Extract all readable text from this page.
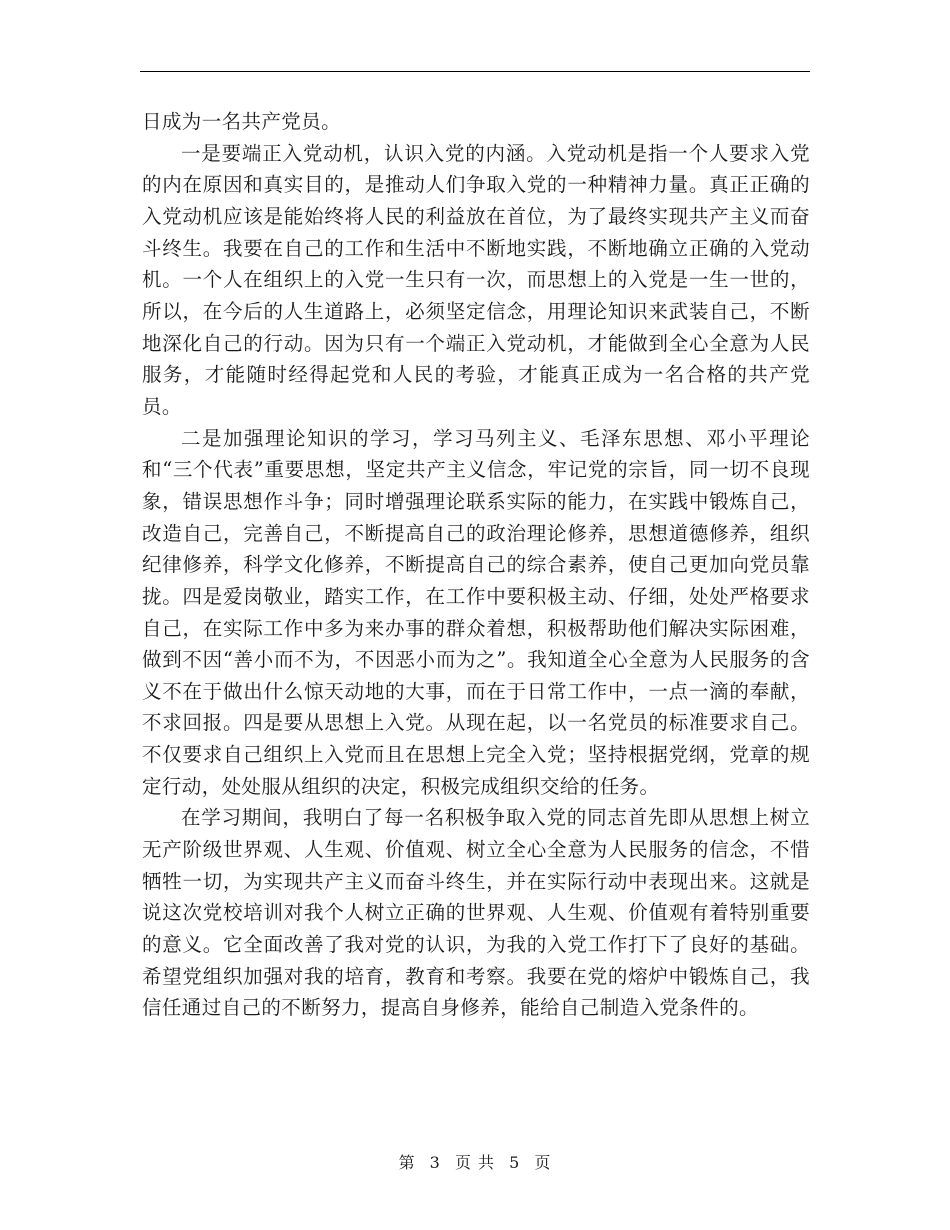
日成为一名共产党员。

一是要端正入党动机，认识入党的内涵。入党动机是指一个人要求入党的内在原因和真实目的，是推动人们争取入党的一种精神力量。真正正确的入党动机应该是能始终将人民的利益放在首位，为了最终实现共产主义而奋斗终生。我要在自己的工作和生活中不断地实践，不断地确立正确的入党动机。一个人在组织上的入党一生只有一次，而思想上的入党是一生一世的，所以，在今后的人生道路上，必须坚定信念，用理论知识来武装自己，不断地深化自己的行动。因为只有一个端正入党动机，才能做到全心全意为人民服务，才能随时经得起党和人民的考验，才能真正成为一名合格的共产党员。

二是加强理论知识的学习，学习马列主义、毛泽东思想、邓小平理论和“三个代表”重要思想，坚定共产主义信念，牢记党的宗旨，同一切不良现象，错误思想作斗争；同时增强理论联系实际的能力，在实践中锻炼自己，改造自己，完善自己，不断提高自己的政治理论修养，思想道德修养，组织纪律修养，科学文化修养，不断提高自己的综合素养，使自己更加向党员靠拢。四是爱岗敬业，踏实工作，在工作中要积极主动、仔细，处处严格要求自己，在实际工作中多为来办事的群众着想，积极帮助他们解决实际困难，做到不因“善小而不为，不因恶小而为之”。我知道全心全意为人民服务的含义不在于做出什么惊天动地的大事，而在于日常工作中，一点一滴的奉献，不求回报。四是要从思想上入党。从现在起，以一名党员的标准要求自己。不仅要求自己组织上入党而且在思想上完全入党；坚持根据党纲，党章的规定行动，处处服从组织的决定，积极完成组织交给的任务。

在学习期间，我明白了每一名积极争取入党的同志首先即从思想上树立无产阶级世界观、人生观、价值观、树立全心全意为人民服务的信念，不惜牺牲一切，为实现共产主义而奋斗终生，并在实际行动中表现出来。这就是说这次党校培训对我个人树立正确的世界观、人生观、价值观有着特别重要的意义。它全面改善了我对党的认识，为我的入党工作打下了良好的基础。希望党组织加强对我的培育，教育和考察。我要在党的熔炉中锻炼自己，我信任通过自己的不断努力，提高自身修养，能给自己制造入党条件的。

第 3 页 共 5 页
